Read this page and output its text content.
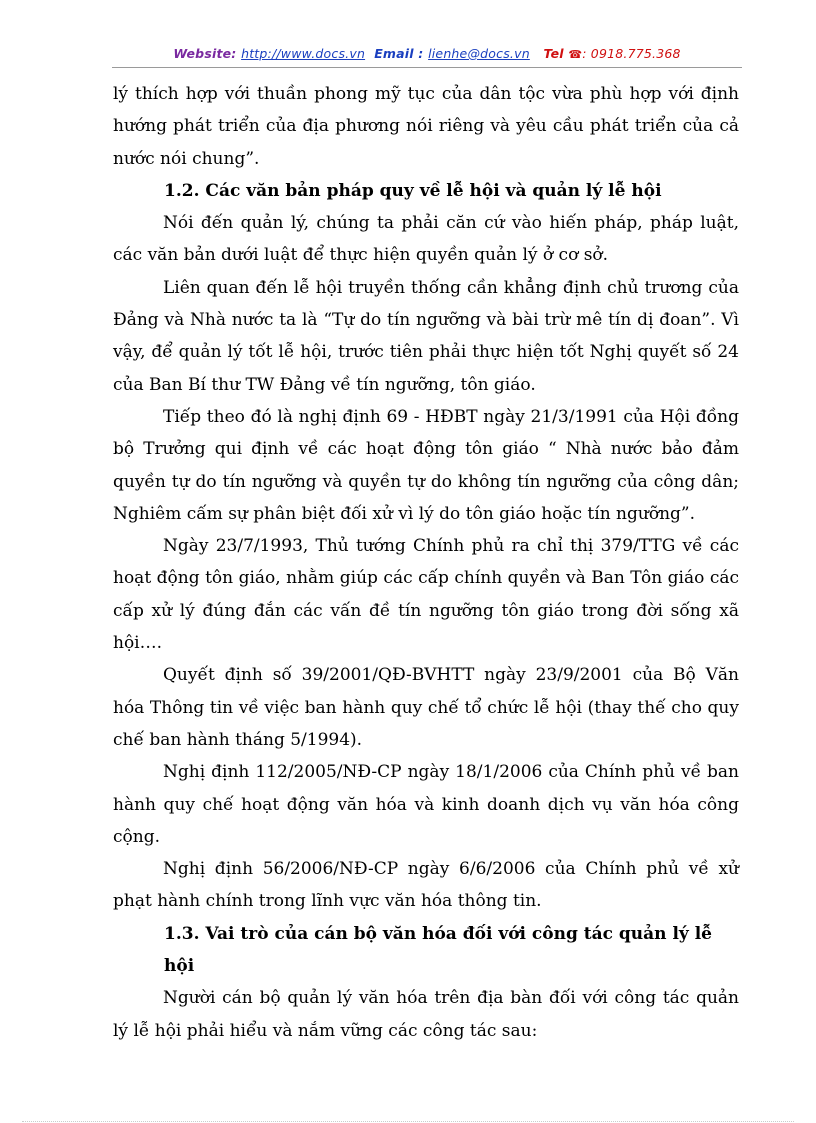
Website: http://www.docs.vn Email : lienhe@docs.vn Tel ☎: 0918.775.368

lý thích hợp với thuần phong mỹ tục của dân tộc vừa phù hợp với định hướng phát triển của địa phương nói riêng và yêu cầu phát triển của cả nước nói chung”.

1.2. Các văn bản pháp quy về lễ hội và quản lý lễ hội

Nói đến quản lý, chúng ta phải căn cứ vào hiến pháp, pháp luật, các văn bản dưới luật để thực hiện quyền quản lý ở cơ sở.

Liên quan đến lễ hội truyền thống cần khẳng định chủ trương của Đảng và Nhà nước ta là “Tự do tín ngưỡng và bài trừ mê tín dị đoan”. Vì vậy, để quản lý tốt lễ hội, trước tiên phải thực hiện tốt Nghị quyết số 24 của Ban Bí thư TW Đảng về tín ngưỡng, tôn giáo.

Tiếp theo đó là nghị định 69 - HĐBT ngày 21/3/1991 của Hội đồng bộ Trưởng qui định về các hoạt động tôn giáo “ Nhà nước bảo đảm quyền tự do tín ngưỡng và quyền tự do không tín ngưỡng của công dân; Nghiêm cấm sự phân biệt đối xử vì lý do tôn giáo hoặc tín ngưỡng”.

Ngày 23/7/1993, Thủ tướng Chính phủ ra chỉ thị 379/TTG về các hoạt động tôn giáo, nhằm giúp các cấp chính quyền và Ban Tôn giáo các cấp xử lý đúng đắn các vấn đề tín ngưỡng tôn giáo trong đời sống xã hội….

Quyết định số 39/2001/QĐ-BVHTT ngày 23/9/2001 của Bộ Văn hóa Thông tin về việc ban hành quy chế tổ chức lễ hội (thay thế cho quy chế ban hành tháng 5/1994).

Nghị định 112/2005/NĐ-CP ngày 18/1/2006 của Chính phủ về ban hành quy chế hoạt động văn hóa và kinh doanh dịch vụ văn hóa công cộng.

Nghị định 56/2006/NĐ-CP ngày 6/6/2006 của Chính phủ về xử phạt hành chính trong lĩnh vực văn hóa thông tin.

1.3. Vai trò của cán bộ văn hóa đối với công tác quản lý lễ hội

Người cán bộ quản lý văn hóa trên địa bàn đối với công tác quản lý lễ hội phải hiểu và nắm vững các công tác sau:
